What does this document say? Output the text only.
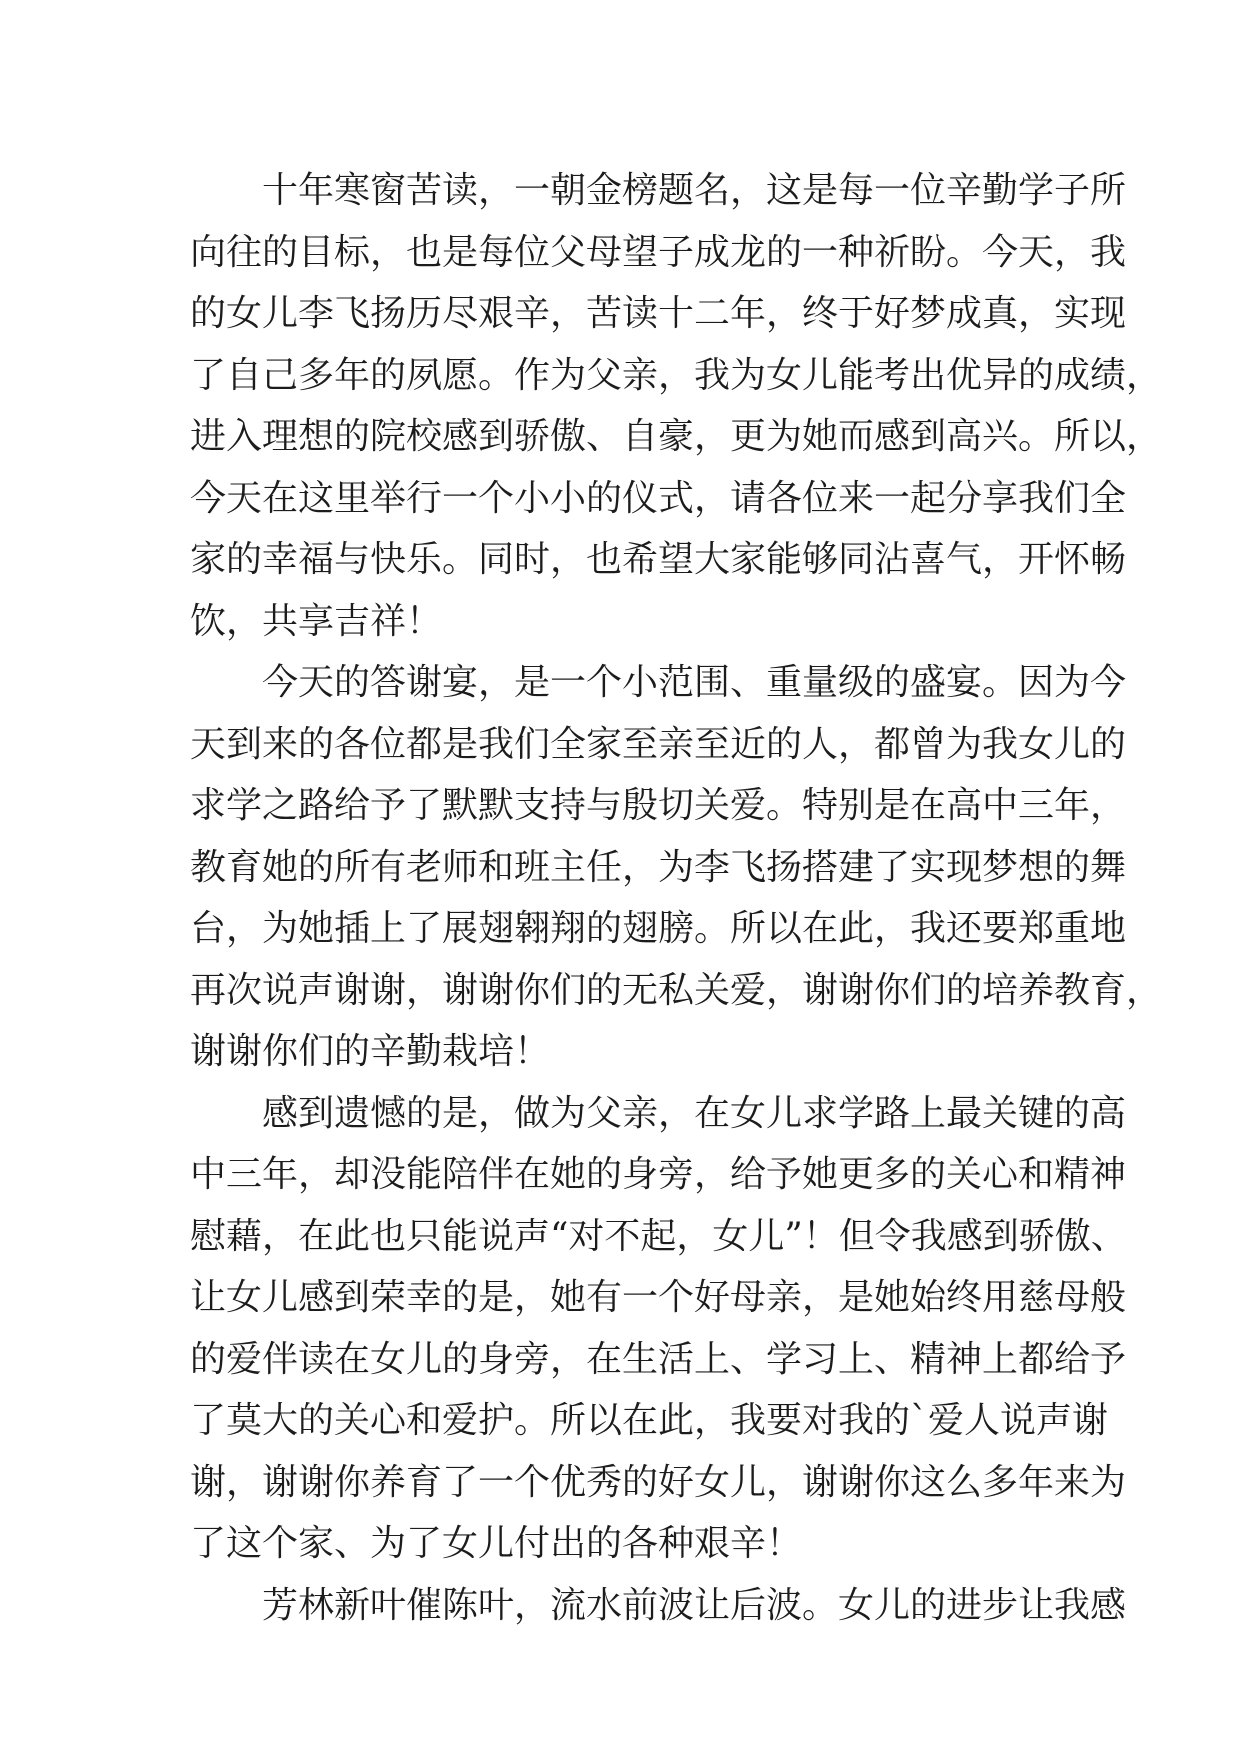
十年寒窗苦读，一朝金榜题名，这是每一位辛勤学子所
向往的目标，也是每位父母望子成龙的一种祈盼。今天，我
的女儿李飞扬历尽艰辛，苦读十二年，终于好梦成真，实现
了自己多年的夙愿。作为父亲，我为女儿能考出优异的成绩，
进入理想的院校感到骄傲、自豪，更为她而感到高兴。所以，
今天在这里举行一个小小的仪式，请各位来一起分享我们全
家的幸福与快乐。同时，也希望大家能够同沾喜气，开怀畅
饮，共享吉祥！
今天的答谢宴，是一个小范围、重量级的盛宴。因为今
天到来的各位都是我们全家至亲至近的人，都曾为我女儿的
求学之路给予了默默支持与殷切关爱。特别是在高中三年，
教育她的所有老师和班主任，为李飞扬搭建了实现梦想的舞
台，为她插上了展翅翱翔的翅膀。所以在此，我还要郑重地
再次说声谢谢，谢谢你们的无私关爱，谢谢你们的培养教育，
谢谢你们的辛勤栽培！
感到遗憾的是，做为父亲，在女儿求学路上最关键的高
中三年，却没能陪伴在她的身旁，给予她更多的关心和精神
慰藉，在此也只能说声“对不起，女儿”！但令我感到骄傲、
让女儿感到荣幸的是，她有一个好母亲，是她始终用慈母般
的爱伴读在女儿的身旁，在生活上、学习上、精神上都给予
了莫大的关心和爱护。所以在此，我要对我的`爱人说声谢
谢，谢谢你养育了一个优秀的好女儿，谢谢你这么多年来为
了这个家、为了女儿付出的各种艰辛！
芳林新叶催陈叶，流水前波让后波。女儿的进步让我感
